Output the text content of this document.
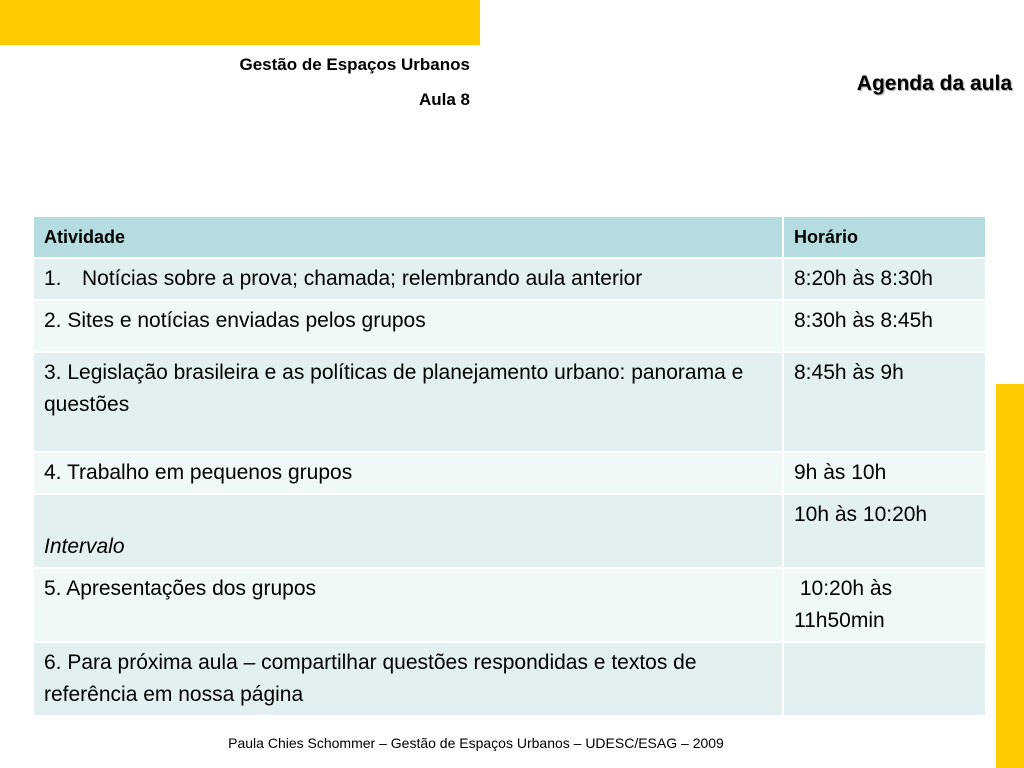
Gestão de Espaços Urbanos
Aula 8
Agenda da aula
Atividade	Horário
1. Notícias sobre a prova; chamada; relembrando aula anterior	8:20h às 8:30h
2. Sites e notícias enviadas pelos grupos	8:30h às 8:45h
3. Legislação brasileira e as políticas de planejamento urbano: panorama e questões	8:45h às 9h
4. Trabalho em pequenos grupos	9h às 10h

Intervalo	10h às 10:20h
5. Apresentações dos grupos	10:20h às 11h50min
6. Para próxima aula – compartilhar questões respondidas e textos de referência em nossa página	
Paula Chies Schommer – Gestão de Espaços Urbanos – UDESC/ESAG – 2009
